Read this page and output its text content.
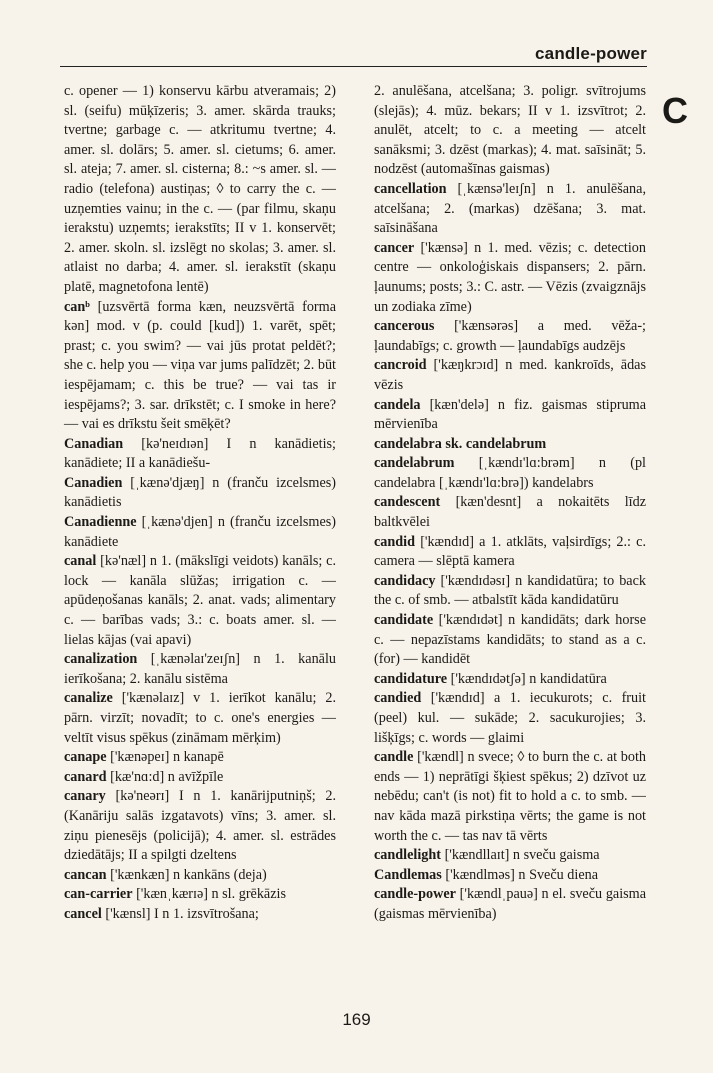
candle-power
C

c. opener — 1) konservu kārbu atveramais; 2) sl. (seifu) mūķīzeris; 3. amer. skārda trauks; tvertne; garbage c. — atkritumu tvertne; 4. amer. sl. dolārs; 5. amer. sl. cietums; 6. amer. sl. ateja; 7. amer. sl. cisterna; 8.: ~s amer. sl. — radio (telefona) austiņas; ◊ to carry the c. — uzņemties vainu; in the c. — (par filmu, skaņu ierakstu) uzņemts; ierakstīts; II v 1. konservēt; 2. amer. skoln. sl. izslēgt no skolas; 3. amer. sl. atlaist no darba; 4. amer. sl. ierakstīt (skaņu platē, magnetofona lentē)

canᵇ [uzsvērtā forma kæn, neuzsvērtā forma kən] mod. v (p. could [kud]) 1. varēt, spēt; prast; c. you swim? — vai jūs protat peldēt?; she c. help you — viņa var jums palīdzēt; 2. būt iespējamam; c. this be true? — vai tas ir iespējams?; 3. sar. drīkstēt; c. I smoke in here? — vai es drīkstu šeit smēķēt?

Canadian [kə'neɪdɪən] I n kanādietis; kanādiete; II a kanādiešu-

Canadien [ˌkænə'djæŋ] n (franču izcelsmes) kanādietis

Canadienne [ˌkænə'djen] n (franču izcelsmes) kanādiete

canal [kə'næl] n 1. (mākslīgi veidots) kanāls; c. lock — kanāla slūžas; irrigation c. — apūdeņošanas kanāls; 2. anat. vads; alimentary c. — barības vads; 3.: c. boats amer. sl. — lielas kājas (vai apavi)

canalization [ˌkænəlaɪ'zeɪʃn] n 1. kanālu ierīkošana; 2. kanālu sistēma

canalize ['kænəlaɪz] v 1. ierīkot kanālu; 2. pārn. virzīt; novadīt; to c. one's energies — veltīt visus spēkus (zināmam mērķim)

canape ['kænəpeɪ] n kanapē

canard [kæ'nɑ:d] n avīžpīle

canary [kə'neərɪ] I n 1. kanārijputniņš; 2. (Kanāriju salās izgatavots) vīns; 3. amer. sl. ziņu pienesējs (policijā); 4. amer. sl. estrādes dziedātājs; II a spilgti dzeltens

cancan ['kænkæn] n kankāns (deja)

can-carrier ['kænˌkærɪə] n sl. grēkāzis

cancel ['kænsl] I n 1. izsvītrošana;

2. anulēšana, atcelšana; 3. poligr. svītrojums (slejās); 4. mūz. bekars; II v 1. izsvītrot; 2. anulēt, atcelt; to c. a meeting — atcelt sanāksmi; 3. dzēst (markas); 4. mat. saīsināt; 5. nodzēst (automašīnas gaismas)

cancellation [ˌkænsə'leɪʃn] n 1. anulēšana, atcelšana; 2. (markas) dzēšana; 3. mat. saīsināšana

cancer ['kænsə] n 1. med. vēzis; c. detection centre — onkoloģiskais dispansers; 2. pārn. ļaunums; posts; 3.: C. astr. — Vēzis (zvaigznājs un zodiaka zīme)

cancerous ['kænsərəs] a med. vēža-; ļaundabīgs; c. growth — ļaundabīgs audzējs

cancroid ['kæŋkrɔɪd] n med. kankroīds, ādas vēzis

candela [kæn'delə] n fiz. gaismas stipruma mērvienība

candelabra sk. candelabrum

candelabrum [ˌkændɪ'lɑ:brəm] n (pl candelabra [ˌkændɪ'lɑ:brə]) kandelabrs

candescent [kæn'desnt] a nokaitēts līdz baltkvēlei

candid ['kændɪd] a 1. atklāts, vaļsirdīgs; 2.: c. camera — slēptā kamera

candidacy ['kændɪdəsɪ] n kandidatūra; to back the c. of smb. — atbalstīt kāda kandidatūru

candidate ['kændɪdət] n kandidāts; dark horse c. — nepazīstams kandidāts; to stand as a c. (for) — kandidēt

candidature ['kændɪdətʃə] n kandidatūra

candied ['kændɪd] a 1. iecukurots; c. fruit (peel) kul. — sukāde; 2. sacukurojies; 3. lišķīgs; c. words — glaimi

candle ['kændl] n svece; ◊ to burn the c. at both ends — 1) neprātīgi šķiest spēkus; 2) dzīvot uz nebēdu; can't (is not) fit to hold a c. to smb. — nav kāda mazā pirkstiņa vērts; the game is not worth the c. — tas nav tā vērts

candlelight ['kændllaɪt] n sveču gaisma

Candlemas ['kændlməs] n Sveču diena

candle-power ['kændlˌpauə] n el. sveču gaisma (gaismas mērvienība)

169
